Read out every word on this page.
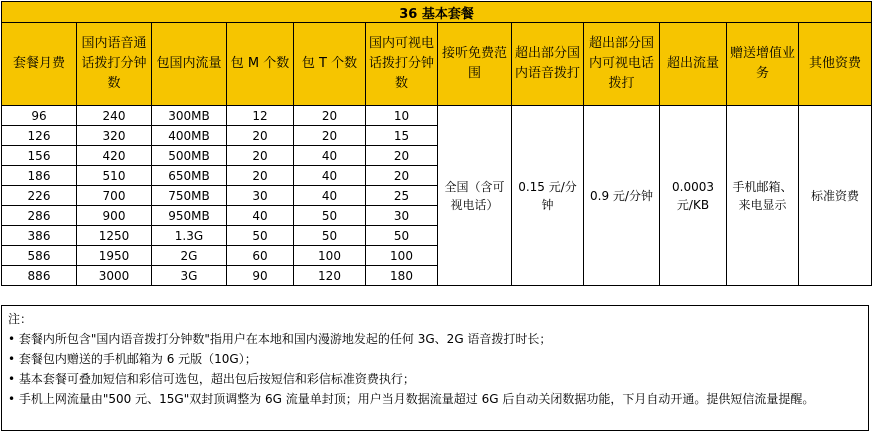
36 基本套餐											
套餐月费	国内语音通话拨打分钟数	包国内流量	包 M 个数	包 T 个数	国内可视电话拨打分钟数	接听免费范围	超出部分国内语音拨打	超出部分国内可视电话拨打	超出流量	赠送增值业务	其他资费
96	240	300MB	12	20	10	全国（含可视电话）	0.15 元/分钟	0.9 元/分钟	0.0003 元/KB	手机邮箱、来电显示	标准资费
126	320	400MB	20	20	15						
156	420	500MB	20	40	20						
186	510	650MB	20	40	20						
226	700	750MB	30	40	25						
286	900	950MB	40	50	30						
386	1250	1.3G	50	50	50						
586	1950	2G	60	100	100						
886	3000	3G	90	120	180						
注：
• 套餐内所包含"国内语音拨打分钟数"指用户在本地和国内漫游地发起的任何 3G、2G 语音拨打时长；
• 套餐包内赠送的手机邮箱为 6 元版（10G）；
• 基本套餐可叠加短信和彩信可选包，超出包后按短信和彩信标准资费执行；
• 手机上网流量由"500 元、15G"双封顶调整为 6G 流量单封顶；用户当月数据流量超过 6G 后自动关闭数据功能，下月自动开通。提供短信流量提醒。
